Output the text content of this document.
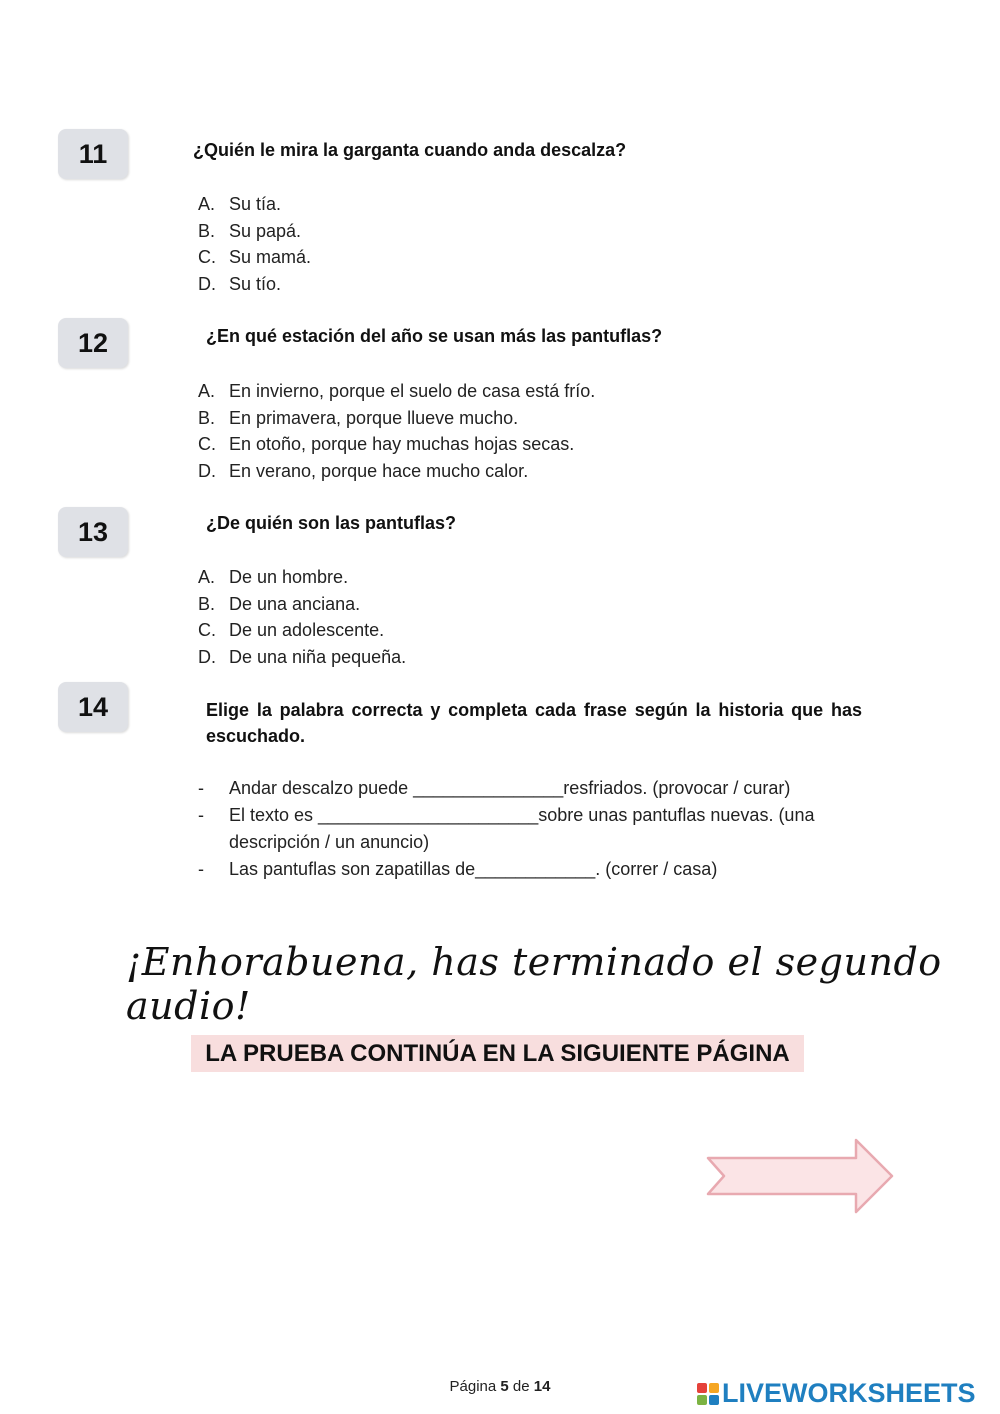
11	¿Quién le mira la garganta cuando anda descalza?
A. Su tía.
B. Su papá.
C. Su mamá.
D. Su tío.
12	¿En qué estación del año se usan más las pantuflas?
A. En invierno, porque el suelo de casa está frío.
B. En primavera, porque llueve mucho.
C. En otoño, porque hay muchas hojas secas.
D. En verano, porque hace mucho calor.
13	¿De quién son las pantuflas?
A. De un hombre.
B. De una anciana.
C. De un adolescente.
D. De una niña pequeña.
14	Elige la palabra correcta y completa cada frase según la historia que has escuchado.
-	Andar descalzo puede _______________resfriados. (provocar / curar)
-	El texto es ______________________sobre unas pantuflas nuevas. (una descripción / un anuncio)
-	Las pantuflas son zapatillas de____________. (correr / casa)
¡Enhorabuena, has terminado el segundo audio!
LA PRUEBA CONTINÚA EN LA SIGUIENTE PÁGINA
Página 5 de 14	LIVEWORKSHEETS
